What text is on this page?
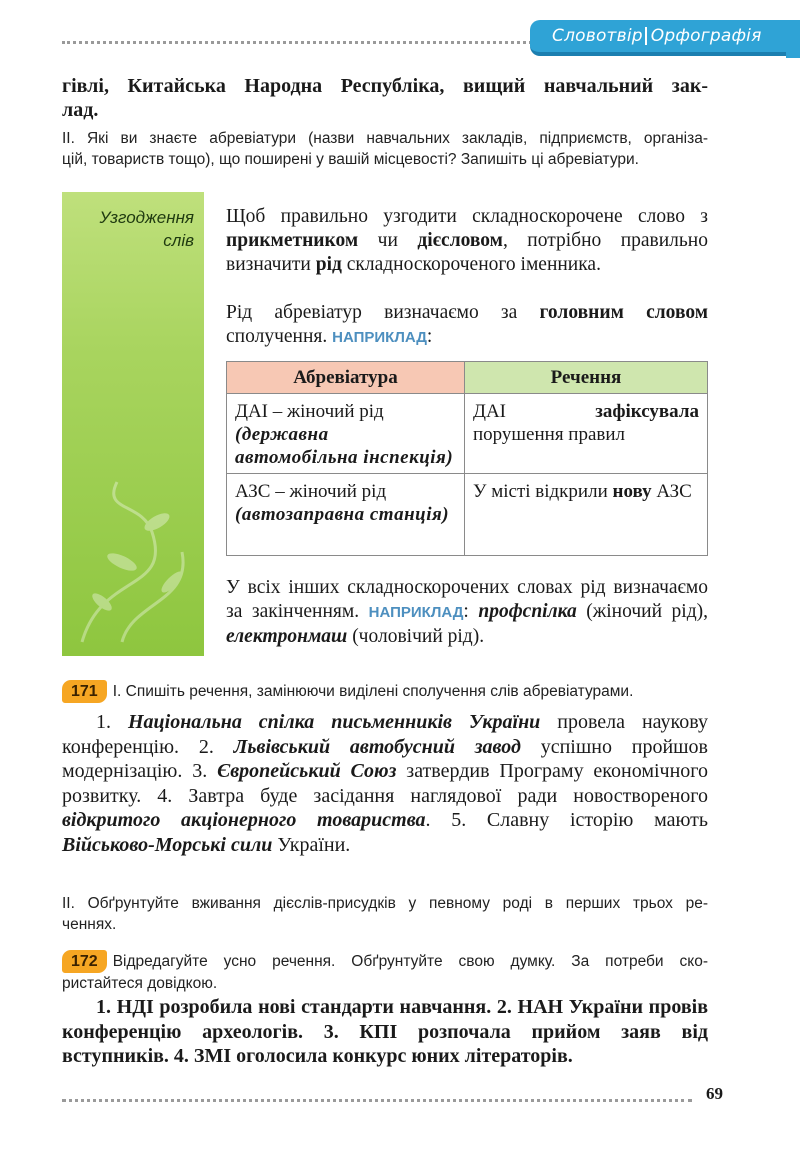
Словотвір Орфографія
гівлі, Китайська Народна Республіка, вищий навчальний зак-
лад.
ІІ. Які ви знаєте абревіатури (назви навчальних закладів, підприємств, організа-
цій, товариств тощо), що поширені у вашій місцевості? Запишіть ці абревіатури.
Узгодження
слів
Щоб правильно узгодити складноскорочене слово з прикметником чи дієсловом, потрібно правильно визначити рід складноскороченого іменника.
Рід абревіатур визначаємо за головним словом сполучення. НАПРИКЛАД:
Абревіатура	Речення
ДАІ – жіночий рід

(державна автомобільна інспекція)	ДАІ зафіксувала порушення правил
АЗС – жіночий рід

(автозаправна станція)	У місті відкрили нову АЗС
У всіх інших складноскорочених словах рід визначаємо за закінченням. НАПРИКЛАД: профспілка (жіночий рід), електронмаш (чоловічий рід).
171 І. Спишіть речення, замінюючи виділені сполучення слів абревіатурами.
1. Національна спілка письменників України провела наукову конференцію. 2. Львівський автобусний завод успішно пройшов модернізацію. 3. Європейський Союз затвердив Програму економічного розвитку. 4. Завтра буде засідання наглядової ради новоствореного відкритого акціонерного товариства. 5. Славну історію мають Військово-Морські сили України.
ІІ. Обґрунтуйте вживання дієслів-присудків у певному роді в перших трьох ре-
ченнях.
172 Відредагуйте усно речення. Обґрунтуйте свою думку. За потреби ско-
ристайтеся довідкою.
1. НДІ розробила нові стандарти навчання. 2. НАН України провів конференцію археологів. 3. КПІ розпочала прийом заяв від вступників. 4. ЗМІ оголосила конкурс юних літераторів.
69
